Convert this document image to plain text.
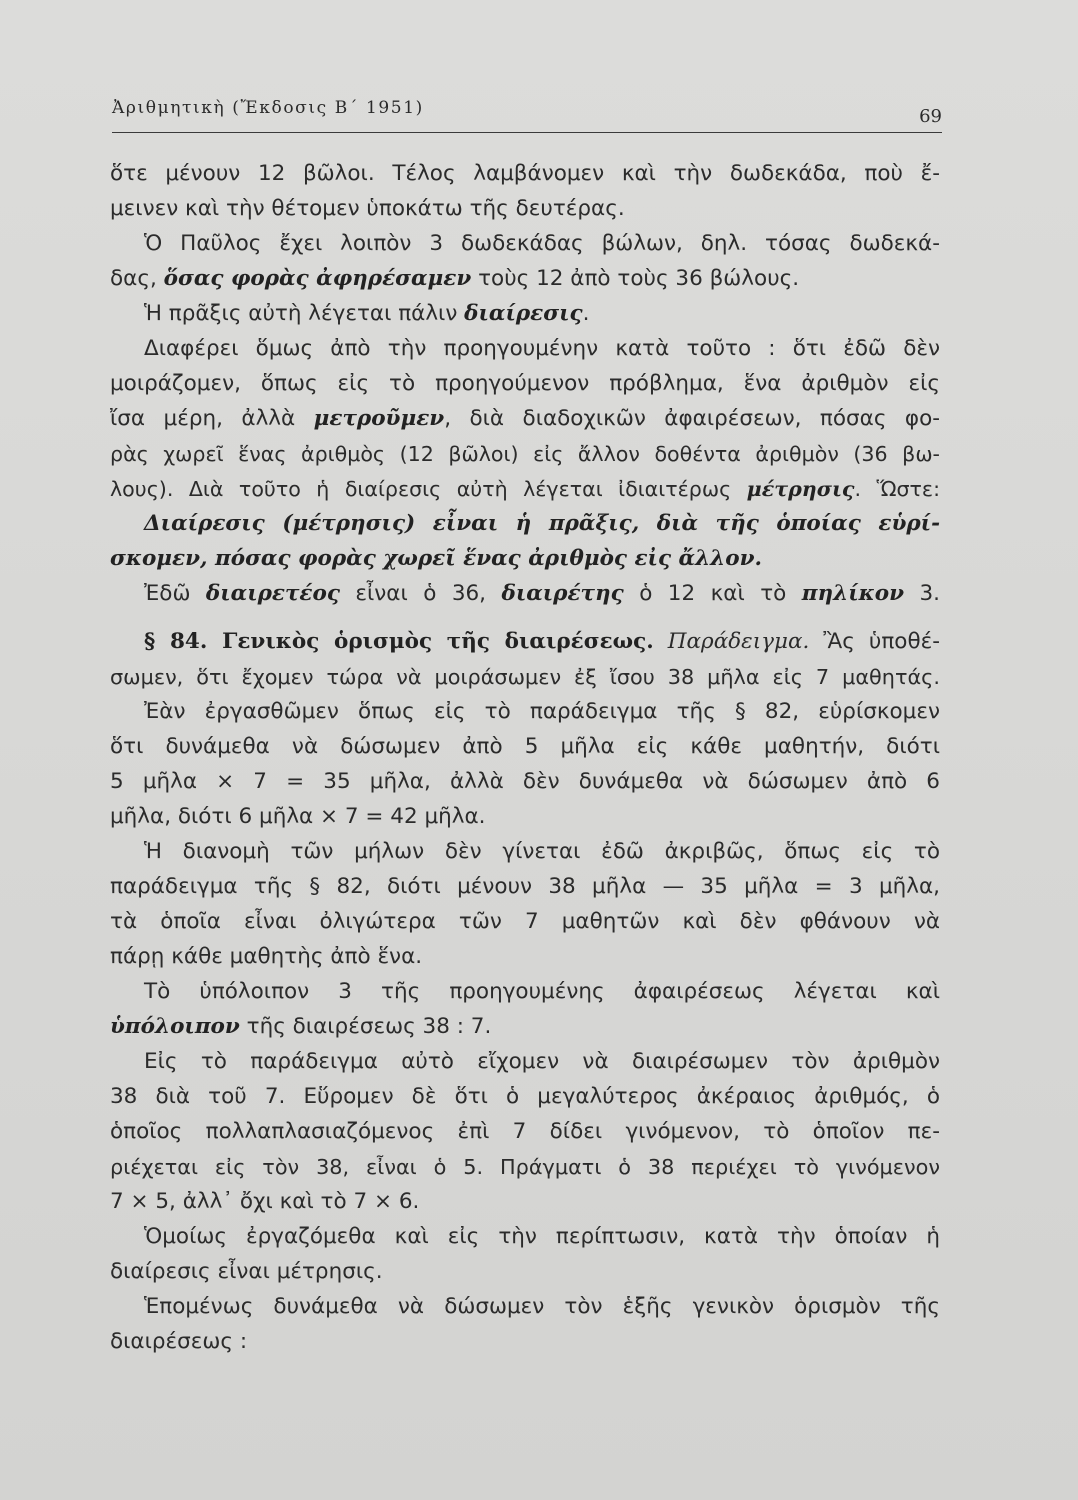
Ἀριθμητικὴ (Ἔκδοσις Β΄ 1951)	69
ὅτε μένουν 12 βῶλοι. Τέλος λαμβάνομεν καὶ τὴν δωδεκάδα, ποὺ ἔ-
μεινεν καὶ τὴν θέτομεν ὑποκάτω τῆς δευτέρας.
Ὁ Παῦλος ἔχει λοιπὸν 3 δωδεκάδας βώλων, δηλ. τόσας δωδεκά-
δας, ὅσας φορὰς ἀφηρέσαμεν τοὺς 12 ἀπὸ τοὺς 36 βώλους.
Ἡ πρᾶξις αὐτὴ λέγεται πάλιν διαίρεσις.
Διαφέρει ὅμως ἀπὸ τὴν προηγουμένην κατὰ τοῦτο : ὅτι ἐδῶ δὲν
μοιράζομεν, ὅπως εἰς τὸ προηγούμενον πρόβλημα, ἕνα ἀριθμὸν εἰς
ἴσα μέρη, ἀλλὰ μετροῦμεν, διὰ διαδοχικῶν ἀφαιρέσεων, πόσας φο-
ρὰς χωρεῖ ἕνας ἀριθμὸς (12 βῶλοι) εἰς ἄλλον δοθέντα ἀριθμὸν (36 βω-
λους). Διὰ τοῦτο ἡ διαίρεσις αὐτὴ λέγεται ἰδιαιτέρως μέτρησις. Ὥστε:
Διαίρεσις (μέτρησις) εἶναι ἡ πρᾶξις, διὰ τῆς ὁποίας εὑρί-
σκομεν, πόσας φορὰς χωρεῖ ἕνας ἀριθμὸς εἰς ἄλλον.
Ἐδῶ διαιρετέος εἶναι ὁ 36, διαιρέτης ὁ 12 καὶ τὸ πηλίκον 3.
§ 84. Γενικὸς ὁρισμὸς τῆς διαιρέσεως. Παράδειγμα. Ἂς ὑποθέ-
σωμεν, ὅτι ἔχομεν τώρα νὰ μοιράσωμεν ἐξ ἴσου 38 μῆλα εἰς 7 μαθητάς.
Ἐὰν ἐργασθῶμεν ὅπως εἰς τὸ παράδειγμα τῆς § 82, εὑρίσκομεν
ὅτι δυνάμεθα νὰ δώσωμεν ἀπὸ 5 μῆλα εἰς κάθε μαθητήν, διότι
5 μῆλα × 7 = 35 μῆλα, ἀλλὰ δὲν δυνάμεθα νὰ δώσωμεν ἀπὸ 6
μῆλα, διότι 6 μῆλα × 7 = 42 μῆλα.
Ἡ διανομὴ τῶν μήλων δὲν γίνεται ἐδῶ ἀκριβῶς, ὅπως εἰς τὸ
παράδειγμα τῆς § 82, διότι μένουν 38 μῆλα — 35 μῆλα = 3 μῆλα,
τὰ ὁποῖα εἶναι ὀλιγώτερα τῶν 7 μαθητῶν καὶ δὲν φθάνουν νὰ
πάρῃ κάθε μαθητὴς ἀπὸ ἕνα.
Τὸ ὑπόλοιπον 3 τῆς προηγουμένης ἀφαιρέσεως λέγεται καὶ
ὑπόλοιπον τῆς διαιρέσεως 38 : 7.
Εἰς τὸ παράδειγμα αὐτὸ εἴχομεν νὰ διαιρέσωμεν τὸν ἀριθμὸν
38 διὰ τοῦ 7. Εὕρομεν δὲ ὅτι ὁ μεγαλύτερος ἀκέραιος ἀριθμός, ὁ
ὁποῖος πολλαπλασιαζόμενος ἐπὶ 7 δίδει γινόμενον, τὸ ὁποῖον πε-
ριέχεται εἰς τὸν 38, εἶναι ὁ 5. Πράγματι ὁ 38 περιέχει τὸ γινόμενον
7 × 5, ἀλλ᾿ ὄχι καὶ τὸ 7 × 6.
Ὁμοίως ἐργαζόμεθα καὶ εἰς τὴν περίπτωσιν, κατὰ τὴν ὁποίαν ἡ
διαίρεσις εἶναι μέτρησις.
Ἑπομένως δυνάμεθα νὰ δώσωμεν τὸν ἑξῆς γενικὸν ὁρισμὸν τῆς
διαιρέσεως :
